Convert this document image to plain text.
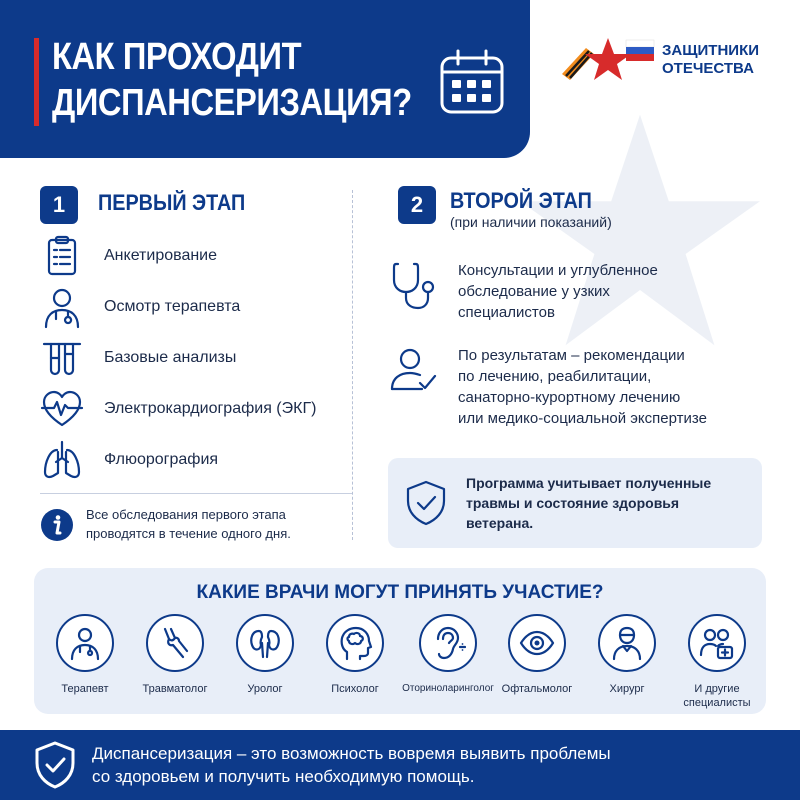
КАК ПРОХОДИТ
ДИСПАНСЕРИЗАЦИЯ?
ЗАЩИТНИКИ
ОТЕЧЕСТВА
1	ПЕРВЫЙ ЭТАП
Анкетирование
Осмотр терапевта
Базовые анализы
Электрокардиография (ЭКГ)
Флюорография
Все обследования первого этапа
проводятся в течение одного дня.
2	ВТОРОЙ ЭТАП
(при наличии показаний)
Консультации и углубленное
обследование у узких
специалистов
По результатам – рекомендации
по лечению, реабилитации,
санаторно-курортному лечению
или медико-социальной экспертизе
Программа учитывает полученные
травмы и состояние здоровья
ветерана.
КАКИЕ ВРАЧИ МОГУТ ПРИНЯТЬ УЧАСТИЕ?
Терапевт	Травматолог	Уролог	Психолог	Оториноларинголог Офтальмолог	Хирург	И другие
специалисты
Диспансеризация – это возможность вовремя выявить проблемы
со здоровьем и получить необходимую помощь.
